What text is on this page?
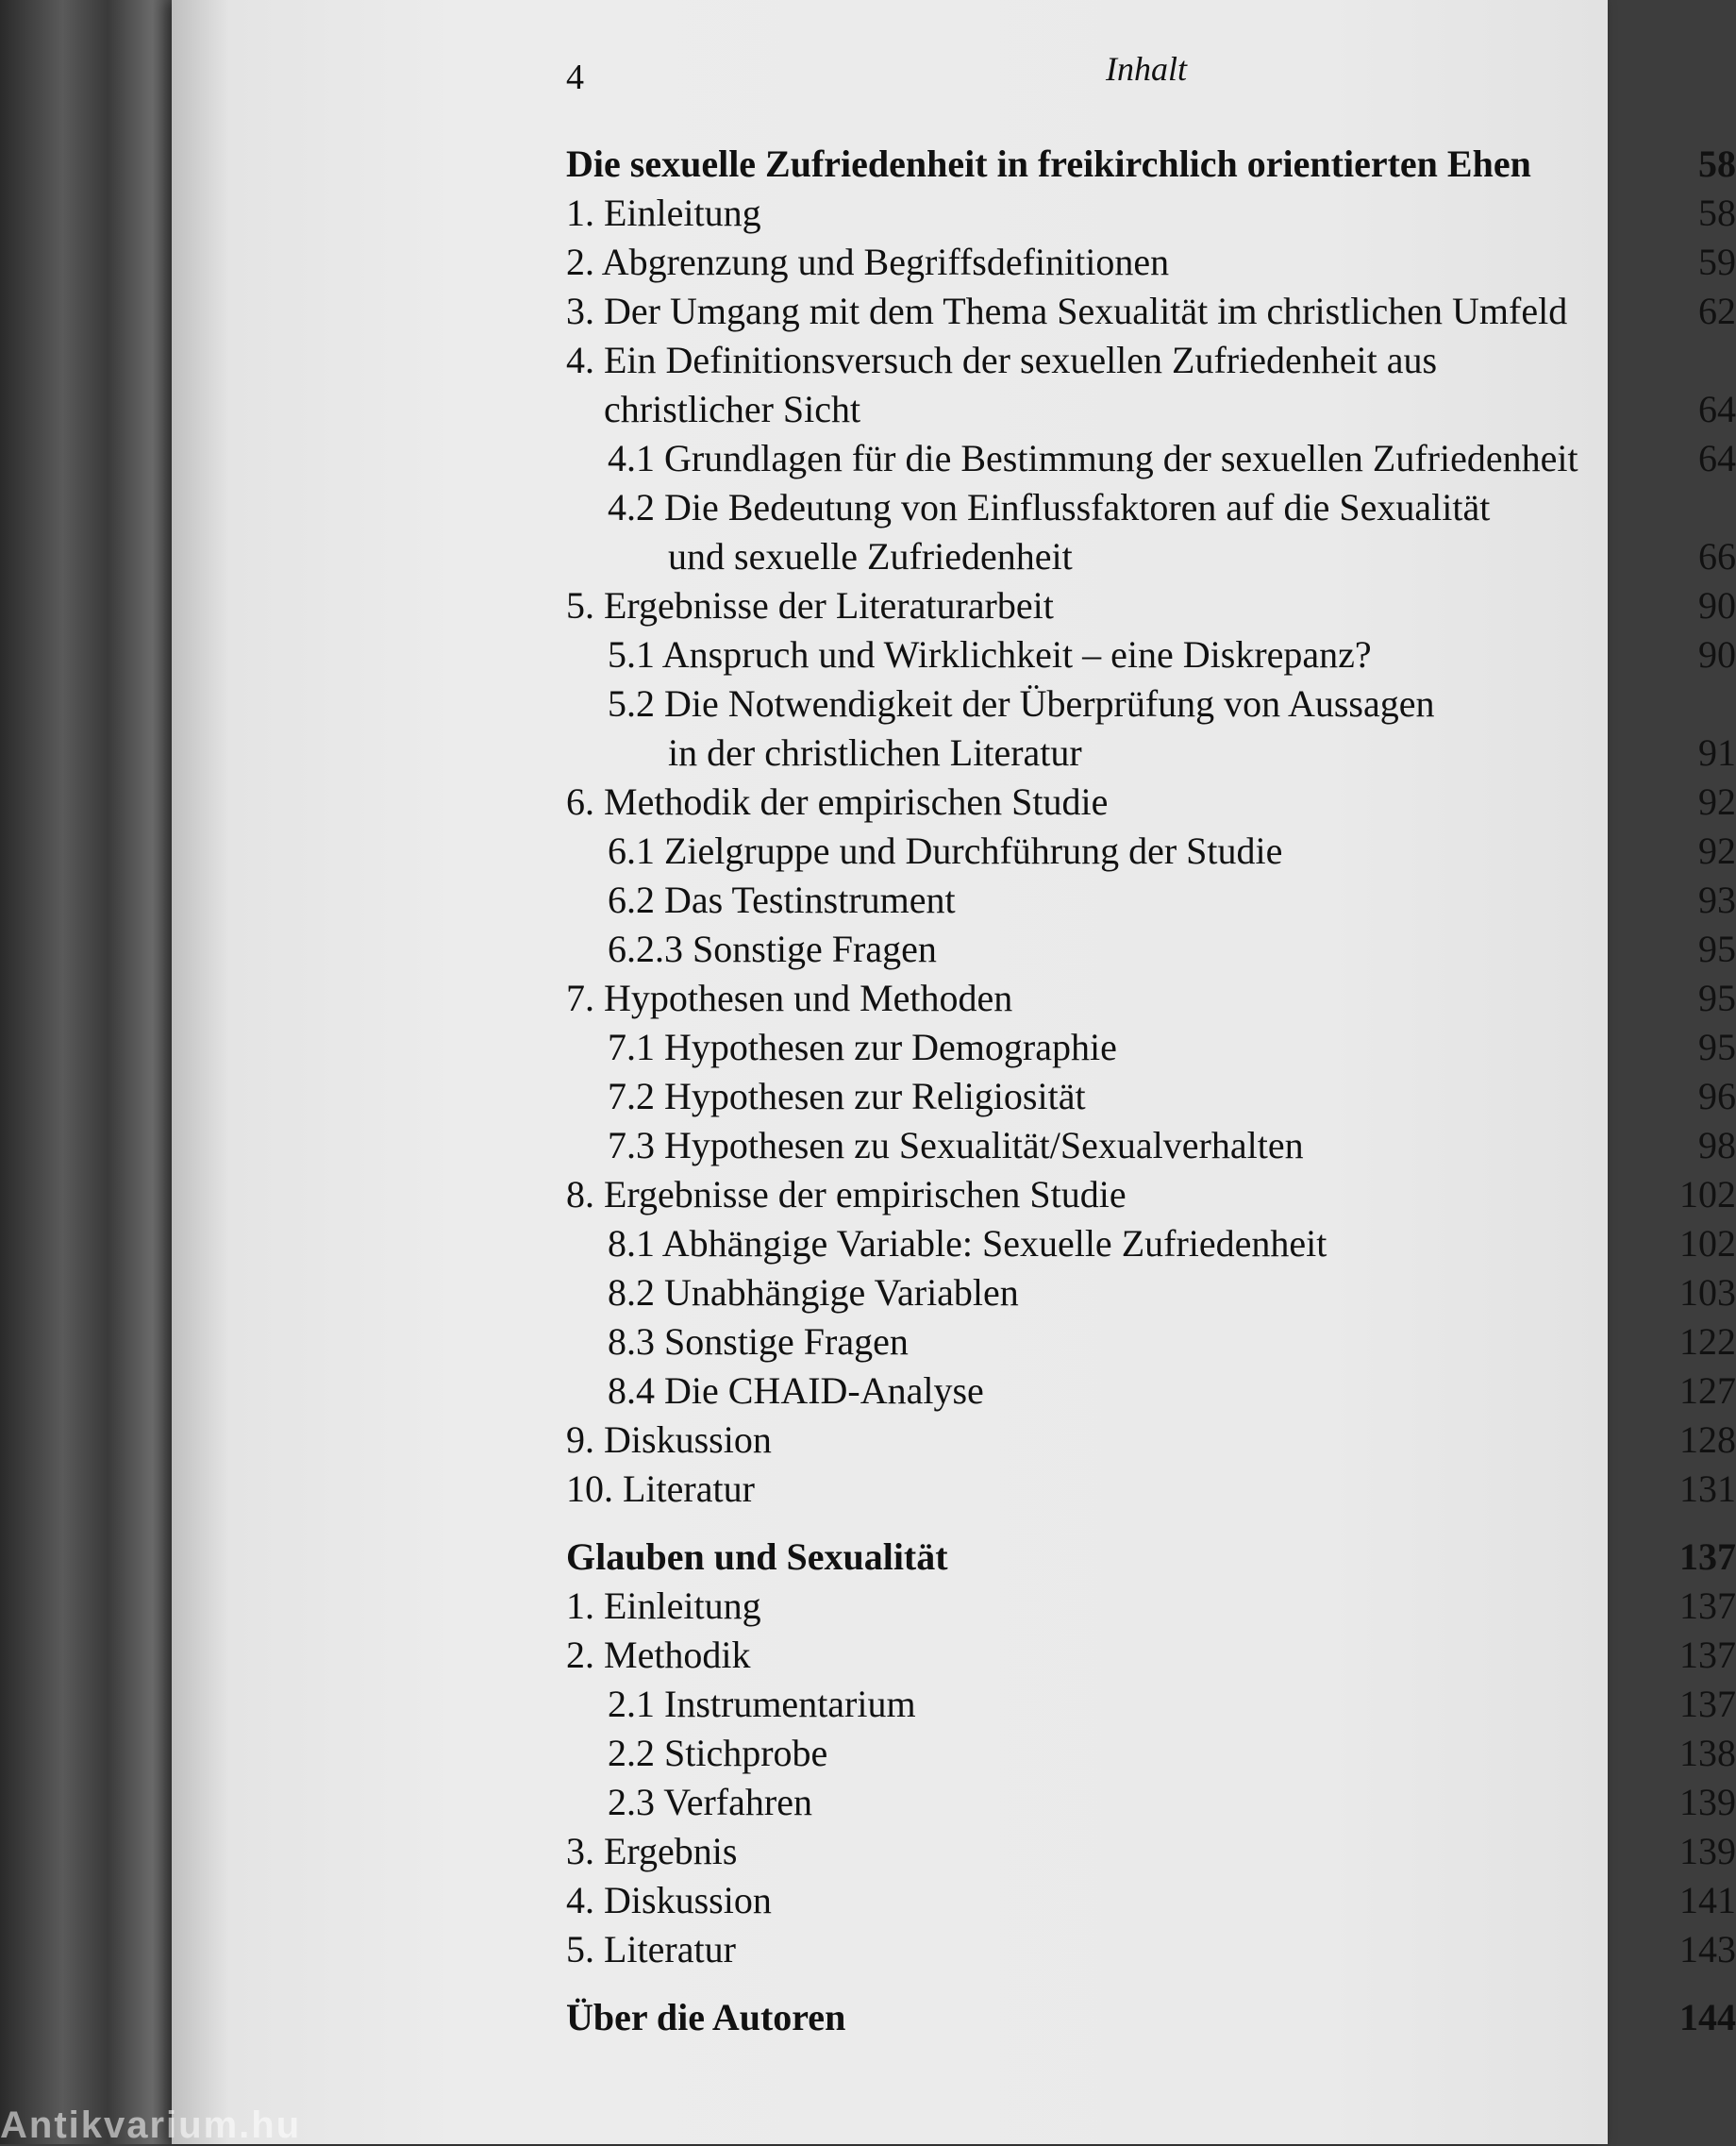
4	Inhalt
Die sexuelle Zufriedenheit in freikirchlich orientierten Ehen	58
1. Einleitung	58
2. Abgrenzung und Begriffsdefinitionen	59
3. Der Umgang mit dem Thema Sexualität im christlichen Umfeld	62
4. Ein Definitionsversuch der sexuellen Zufriedenheit aus
christlicher Sicht	64
4.1 Grundlagen für die Bestimmung der sexuellen Zufriedenheit	64
4.2 Die Bedeutung von Einflussfaktoren auf die Sexualität
und sexuelle Zufriedenheit	66
5. Ergebnisse der Literaturarbeit	90
5.1 Anspruch und Wirklichkeit – eine Diskrepanz?	90
5.2 Die Notwendigkeit der Überprüfung von Aussagen
in der christlichen Literatur	91
6. Methodik der empirischen Studie	92
6.1 Zielgruppe und Durchführung der Studie	92
6.2 Das Testinstrument	93
6.2.3 Sonstige Fragen	95
7. Hypothesen und Methoden	95
7.1 Hypothesen zur Demographie	95
7.2 Hypothesen zur Religiosität	96
7.3 Hypothesen zu Sexualität/Sexualverhalten	98
8. Ergebnisse der empirischen Studie	102
8.1 Abhängige Variable: Sexuelle Zufriedenheit	102
8.2 Unabhängige Variablen	103
8.3 Sonstige Fragen	122
8.4 Die CHAID-Analyse	127
9. Diskussion	128
10. Literatur	131
Glauben und Sexualität	137
1. Einleitung	137
2. Methodik	137
2.1 Instrumentarium	137
2.2 Stichprobe	138
2.3 Verfahren	139
3. Ergebnis	139
4. Diskussion	141
5. Literatur	143
Über die Autoren	144
Antikvarium.hu
